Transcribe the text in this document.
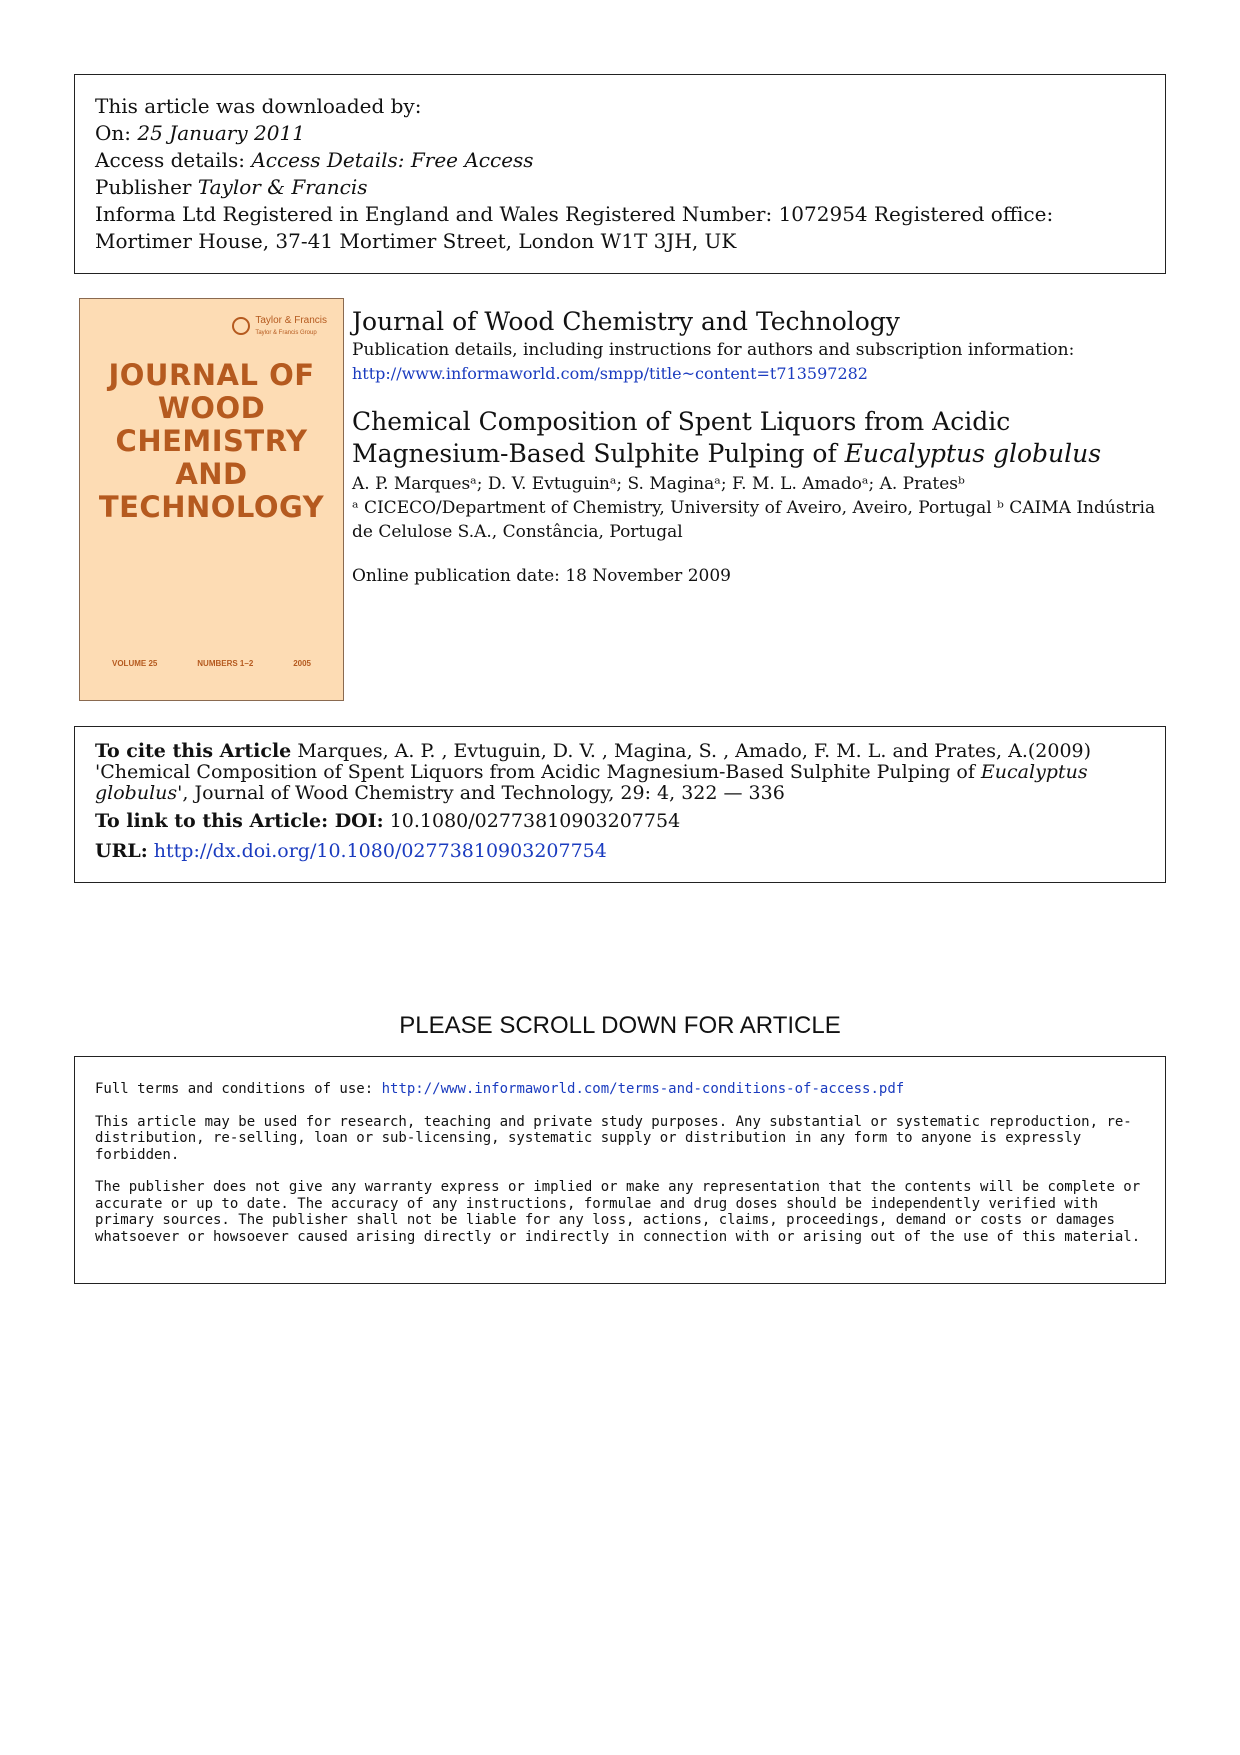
This article was downloaded by:
On: 25 January 2011
Access details: Access Details: Free Access
Publisher Taylor & Francis
Informa Ltd Registered in England and Wales Registered Number: 1072954 Registered office: Mortimer House, 37-41 Mortimer Street, London W1T 3JH, UK
Taylor & Francis
Taylor & Francis Group
JOURNAL OF
WOOD
CHEMISTRY
AND
TECHNOLOGY
VOLUME 25	NUMBERS 1–2	2005
Journal of Wood Chemistry and Technology
Publication details, including instructions for authors and subscription information:
http://www.informaworld.com/smpp/title~content=t713597282
Chemical Composition of Spent Liquors from Acidic Magnesium-Based Sulphite Pulping of Eucalyptus globulus
A. P. Marquesᵃ; D. V. Evtuguinᵃ; S. Maginaᵃ; F. M. L. Amadoᵃ; A. Pratesᵇ
ᵃ CICECO/Department of Chemistry, University of Aveiro, Aveiro, Portugal ᵇ CAIMA Indústria de Celulose S.A., Constância, Portugal
Online publication date: 18 November 2009
To cite this Article Marques, A. P. , Evtuguin, D. V. , Magina, S. , Amado, F. M. L. and Prates, A.(2009) 'Chemical Composition of Spent Liquors from Acidic Magnesium-Based Sulphite Pulping of Eucalyptus globulus', Journal of Wood Chemistry and Technology, 29: 4, 322 — 336
To link to this Article: DOI: 10.1080/02773810903207754
URL: http://dx.doi.org/10.1080/02773810903207754
PLEASE SCROLL DOWN FOR ARTICLE

Full terms and conditions of use: http://www.informaworld.com/terms-and-conditions-of-access.pdf

This article may be used for research, teaching and private study purposes. Any substantial or systematic reproduction, re-distribution, re-selling, loan or sub-licensing, systematic supply or distribution in any form to anyone is expressly forbidden.

The publisher does not give any warranty express or implied or make any representation that the contents will be complete or accurate or up to date. The accuracy of any instructions, formulae and drug doses should be independently verified with primary sources. The publisher shall not be liable for any loss, actions, claims, proceedings, demand or costs or damages whatsoever or howsoever caused arising directly or indirectly in connection with or arising out of the use of this material.
